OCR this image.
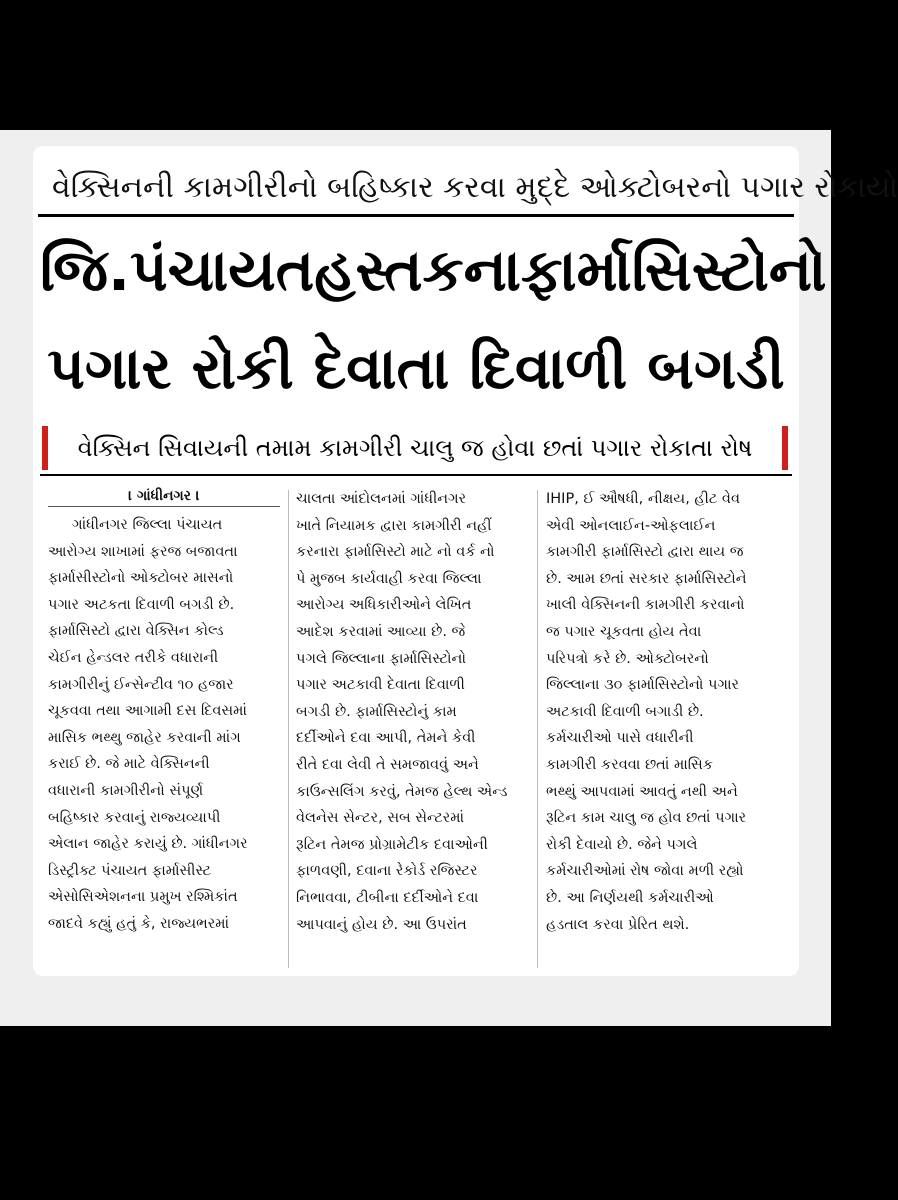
વેક્સિનની કામગીરીનો બહિષ્કાર કરવા મુદ્દે ઓક્ટોબરનો પગાર રોકાયો
જિ.પંચાયતહસ્તકનાફાર્માસિસ્ટોનો
પગાર રોકી દેવાતા દિવાળી બગડી
વેક્સિન સિવાયની તમામ કામગીરી ચાલુ જ હોવા છતાં પગાર રોકાતા રોષ
। ગાંધીનગર ।
ગાંધીનગર જિલ્લા પંચાયત
આરોગ્ય શાખામાં ફરજ બજાવતા
ફાર્માસીસ્ટોનો ઓક્ટોબર માસનો
પગાર અટકતા દિવાળી બગડી છે.
ફાર્માસિસ્ટો દ્વારા વેક્સિન કોલ્ડ
ચેઈન હેન્ડલર તરીકે વધારાની
કામગીરીનું ઈન્સેન્ટીવ ૧૦ હજાર
ચૂકવવા તથા આગામી દસ દિવસમાં
માસિક ભથ્થુ જાહેર કરવાની માંગ
કરાઈ છે. જે માટે વેક્સિનની
વધારાની કામગીરીનો સંપૂર્ણ
બહિષ્કાર કરવાનું રાજ્યવ્યાપી
એલાન જાહેર કરાયું છે. ગાંધીનગર
ડિસ્ટ્રીક્ટ પંચાયત ફાર્માસીસ્ટ
એસોસિએશનના પ્રમુખ રશ્મિકાંત
જાદવે કહ્યું હતું કે, રાજ્યભરમાં
ચાલતા આંદોલનમાં ગાંધીનગર
ખાતે નિયામક દ્વારા કામગીરી નહીં
કરનારા ફાર્માસિસ્ટો માટે નો વર્ક નો
પે મુજબ કાર્યવાહી કરવા જિલ્લા
આરોગ્ય અધિકારીઓને લેખિત
આદેશ કરવામાં આવ્યા છે. જે
પગલે જિલ્લાના ફાર્માસિસ્ટોનો
પગાર અટકાવી દેવાતા દિવાળી
બગડી છે. ફાર્માસિસ્ટોનું કામ
દર્દીઓને દવા આપી, તેમને કેવી
રીતે દવા લેવી તે સમજાવવું અને
કાઉન્સલિંગ કરવું, તેમજ હેલ્થ એન્ડ
વેલનેસ સેન્ટર, સબ સેન્ટરમાં
રૂટિન તેમજ પ્રોગ્રામેટીક દવાઓની
ફાળવણી, દવાના રેકોર્ડ રજિસ્ટર
નિભાવવા, ટીબીના દર્દીઓને દવા
આપવાનું હોય છે. આ ઉપરાંત
IHIP, ઈ ઔષધી, નીક્ષય, હીટ વેવ
એવી ઓનલાઈન-ઓફલાઈન
કામગીરી ફાર્માસિસ્ટો દ્વારા થાય જ
છે. આમ છતાં સરકાર ફાર્માસિસ્ટોને
ખાલી વેક્સિનની કામગીરી કરવાનો
જ પગાર ચૂકવતા હોય તેવા
પરિપત્રો કરે છે. ઓક્ટોબરનો
જિલ્લાના ૩૦ ફાર્માસિસ્ટોનો પગાર
અટકાવી દિવાળી બગાડી છે.
કર્મચારીઓ પાસે વધારીની
કામગીરી કરવવા છતાં માસિક
ભથ્થું આપવામાં આવતું નથી અને
રૂટિન કામ ચાલુ જ હોવ છતાં પગાર
રોકી દેવાયો છે. જેને પગલે
કર્મચારીઓમાં રોષ જોવા મળી રહ્યો
છે. આ નિર્ણયથી કર્મચારીઓ
હડતાલ કરવા પ્રેરિત થશે.
